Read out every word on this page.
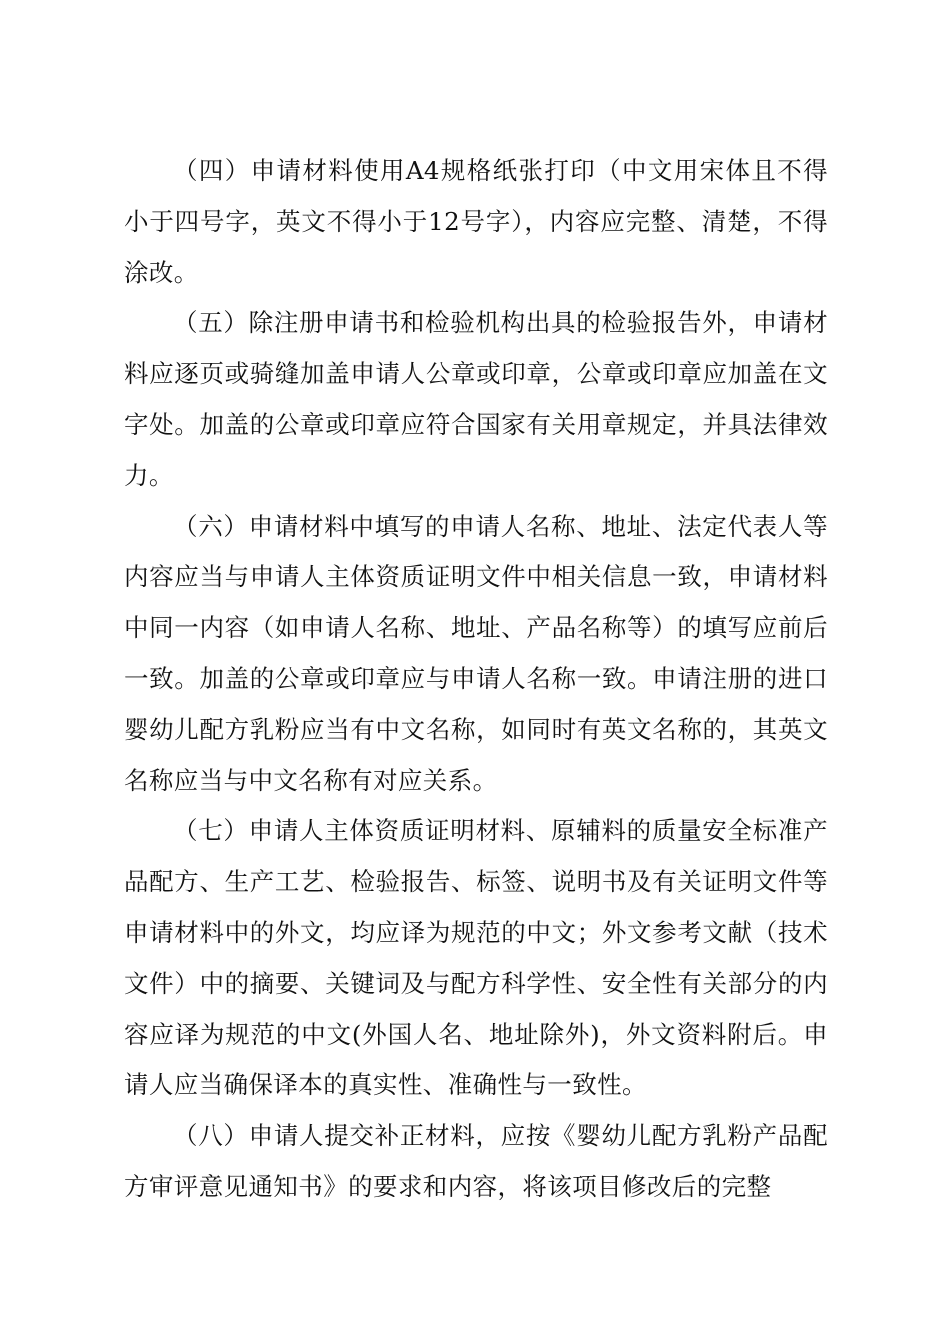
（四）申请材料使用A4规格纸张打印（中文用宋体且不得小于四号字，英文不得小于12号字），内容应完整、清楚，不得涂改。

（五）除注册申请书和检验机构出具的检验报告外，申请材料应逐页或骑缝加盖申请人公章或印章，公章或印章应加盖在文字处。加盖的公章或印章应符合国家有关用章规定，并具法律效力。

（六）申请材料中填写的申请人名称、地址、法定代表人等内容应当与申请人主体资质证明文件中相关信息一致，申请材料中同一内容（如申请人名称、地址、产品名称等）的填写应前后一致。加盖的公章或印章应与申请人名称一致。申请注册的进口婴幼儿配方乳粉应当有中文名称，如同时有英文名称的，其英文名称应当与中文名称有对应关系。

（七）申请人主体资质证明材料、原辅料的质量安全标准产品配方、生产工艺、检验报告、标签、说明书及有关证明文件等申请材料中的外文，均应译为规范的中文；外文参考文献（技术文件）中的摘要、关键词及与配方科学性、安全性有关部分的内容应译为规范的中文(外国人名、地址除外)，外文资料附后。申请人应当确保译本的真实性、准确性与一致性。

（八）申请人提交补正材料，应按《婴幼儿配方乳粉产品配方审评意见通知书》的要求和内容，将该项目修改后的完整
